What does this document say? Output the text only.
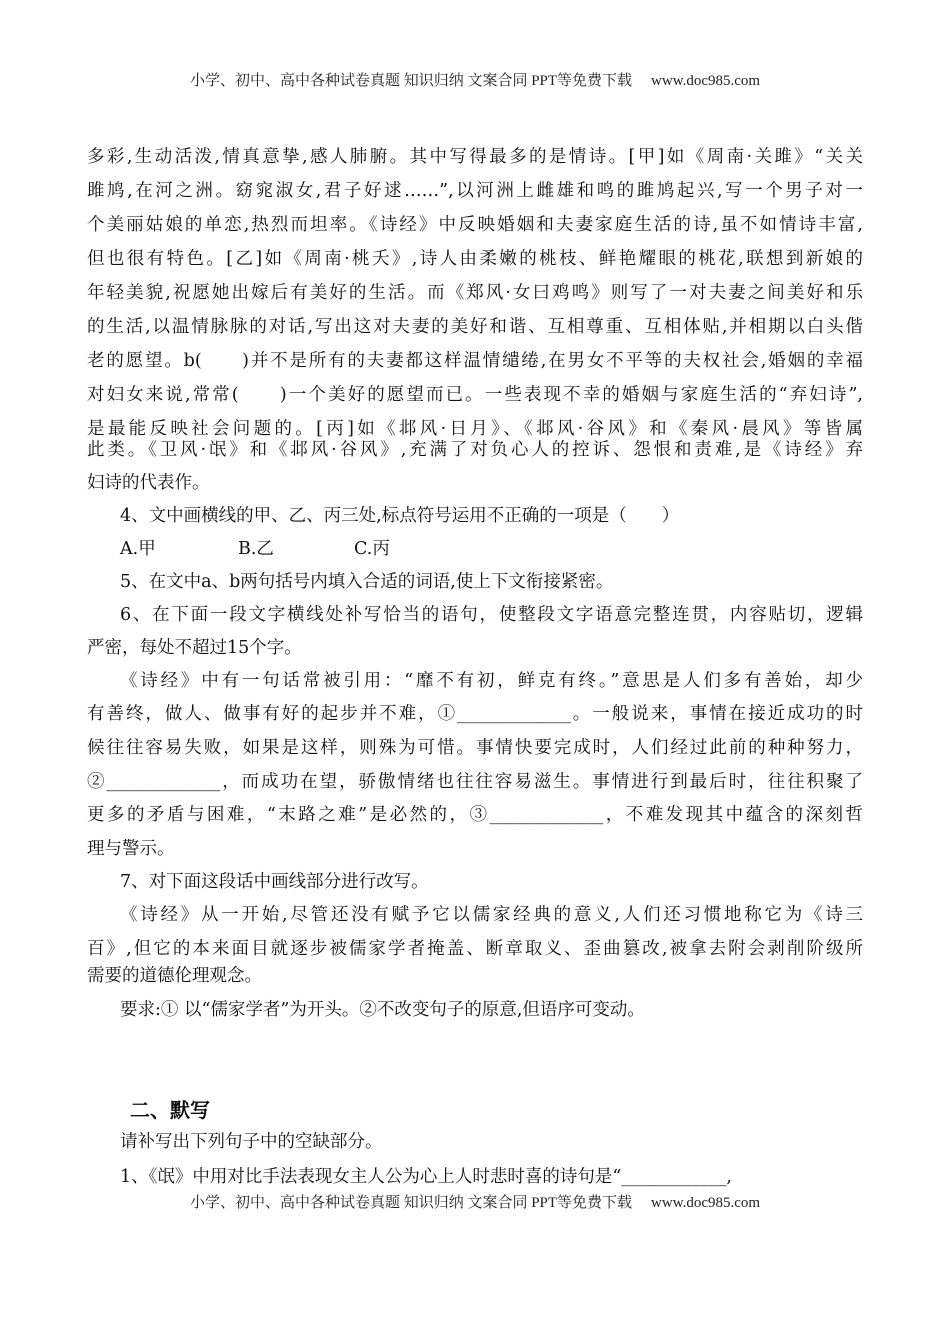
小学、初中、高中各种试卷真题 知识归纳 文案合同 PPT等免费下载 www.doc985.com
多彩,生动活泼,情真意挚,感人肺腑。其中写得最多的是情诗。[甲]如《周南·关雎》“关关
雎鸠,在河之洲。窈窕淑女,君子好逑……”,以河洲上雌雄和鸣的雎鸠起兴,写一个男子对一
个美丽姑娘的单恋,热烈而坦率。《诗经》中反映婚姻和夫妻家庭生活的诗,虽不如情诗丰富,
但也很有特色。[乙]如《周南·桃夭》,诗人由柔嫩的桃枝、鲜艳耀眼的桃花,联想到新娘的
年轻美貌,祝愿她出嫁后有美好的生活。而《郑风·女曰鸡鸣》则写了一对夫妻之间美好和乐
的生活,以温情脉脉的对话,写出这对夫妻的美好和谐、互相尊重、互相体贴,并相期以白头偕
老的愿望。b(　　)并不是所有的夫妻都这样温情缱绻,在男女不平等的夫权社会,婚姻的幸福
对妇女来说,常常(　　)一个美好的愿望而已。一些表现不幸的婚姻与家庭生活的“弃妇诗”,
是最能反映社会问题的。[丙]如《邶风·日月》、《邶风·谷风》和《秦风·晨风》等皆属
此类。《卫风·氓》和《邶风·谷风》,充满了对负心人的控诉、怨恨和责难,是《诗经》弃
妇诗的代表作。
4、文中画横线的甲、乙、丙三处,标点符号运用不正确的一项是（　　）
A.甲	B.乙	C.丙
5、在文中a、b两句括号内填入合适的词语,使上下文衔接紧密。
6、在下面一段文字横线处补写恰当的语句，使整段文字语意完整连贯，内容贴切，逻辑
严密，每处不超过15个字。
《诗经》中有一句话常被引用：“靡不有初，鲜克有终。”意思是人们多有善始，却少
有善终，做人、做事有好的起步并不难，①_____________。一般说来，事情在接近成功的时
候往往容易失败，如果是这样，则殊为可惜。事情快要完成时，人们经过此前的种种努力，
②_____________，而成功在望，骄傲情绪也往往容易滋生。事情进行到最后时，往往积聚了
更多的矛盾与困难，“末路之难”是必然的，③_____________，不难发现其中蕴含的深刻哲
理与警示。
7、对下面这段话中画线部分进行改写。
《诗经》从一开始,尽管还没有赋予它以儒家经典的意义,人们还习惯地称它为《诗三
百》,但它的本来面目就逐步被儒家学者掩盖、断章取义、歪曲篡改,被拿去附会剥削阶级所
需要的道德伦理观念。
要求:① 以“儒家学者”为开头。②不改变句子的原意,但语序可变动。
二、默写
请补写出下列句子中的空缺部分。
1、《氓》中用对比手法表现女主人公为心上人时悲时喜的诗句是“____________,
小学、初中、高中各种试卷真题 知识归纳 文案合同 PPT等免费下载 www.doc985.com
